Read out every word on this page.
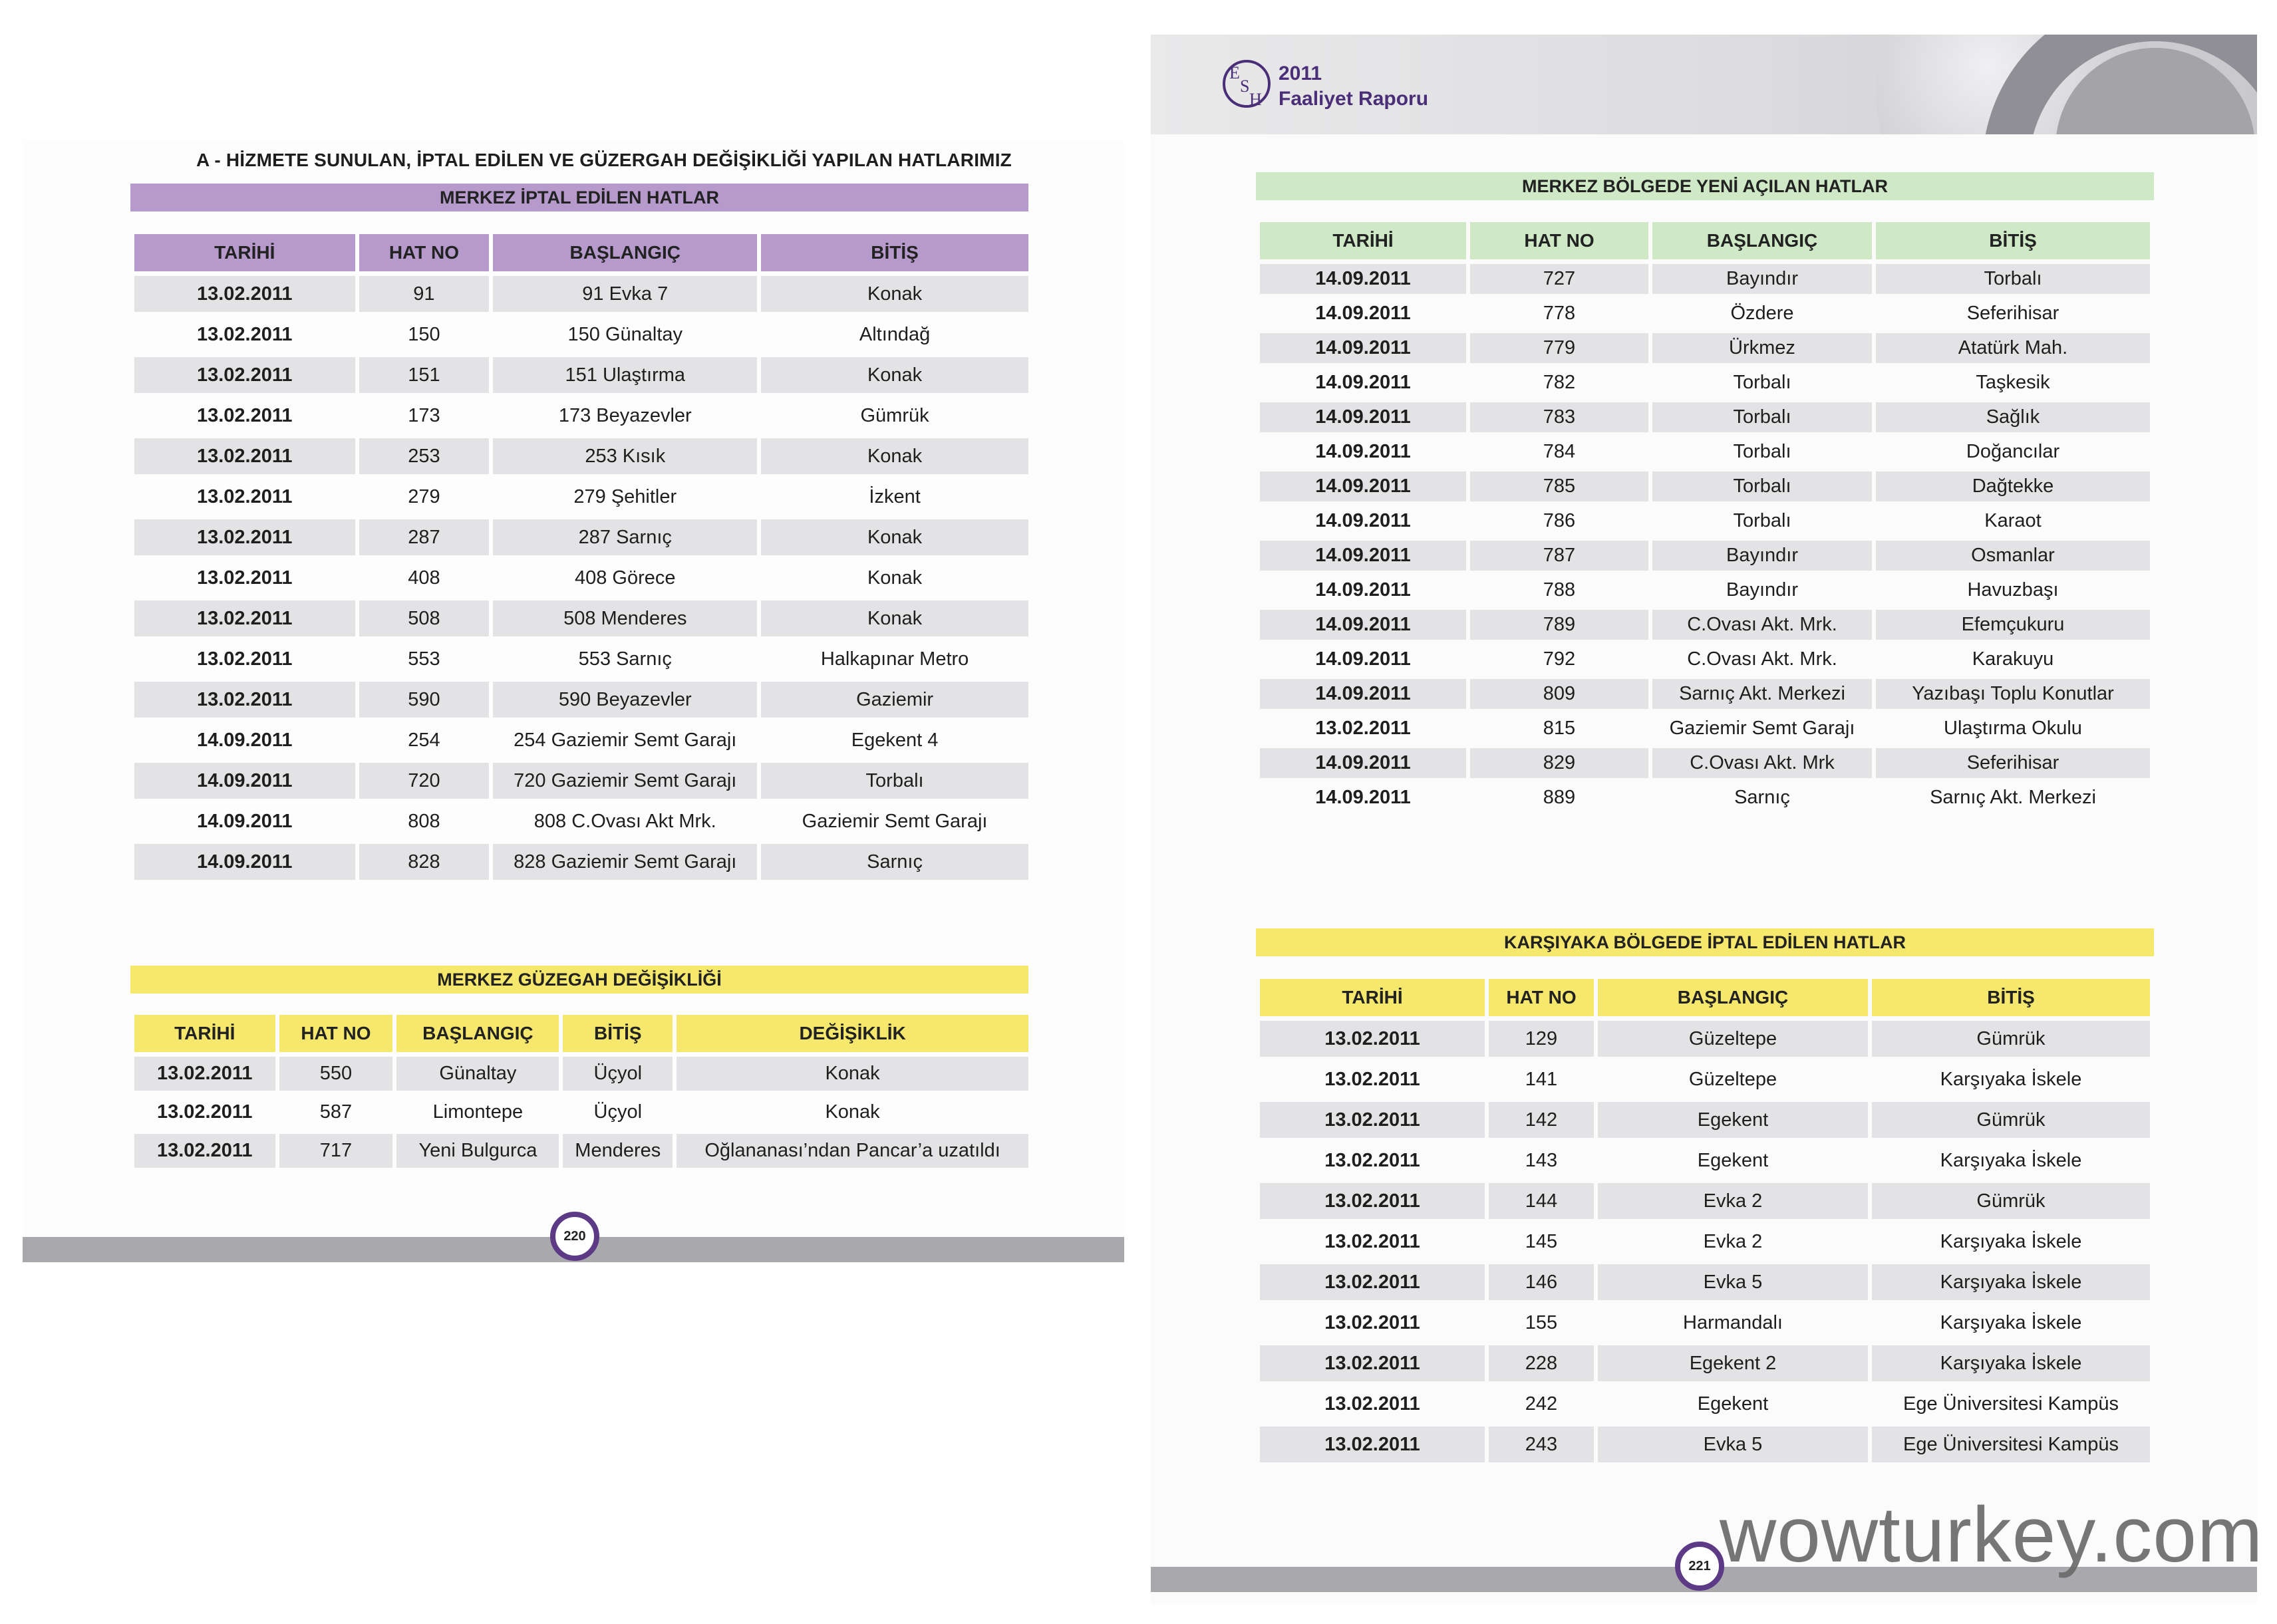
A - HİZMETE SUNULAN, İPTAL EDİLEN VE GÜZERGAH DEĞİŞİKLİĞİ YAPILAN HATLARIMIZ
MERKEZ İPTAL EDİLEN HATLAR
TARİHİ	HAT NO	BAŞLANGIÇ	BİTİŞ
13.02.2011	91	91 Evka 7	Konak
13.02.2011	150	150 Günaltay	Altındağ
13.02.2011	151	151 Ulaştırma	Konak
13.02.2011	173	173 Beyazevler	Gümrük
13.02.2011	253	253 Kısık	Konak
13.02.2011	279	279 Şehitler	İzkent
13.02.2011	287	287 Sarnıç	Konak
13.02.2011	408	408 Görece	Konak
13.02.2011	508	508 Menderes	Konak
13.02.2011	553	553 Sarnıç	Halkapınar Metro
13.02.2011	590	590 Beyazevler	Gaziemir
14.09.2011	254	254 Gaziemir Semt Garajı	Egekent 4
14.09.2011	720	720 Gaziemir Semt Garajı	Torbalı
14.09.2011	808	808 C.Ovası Akt Mrk.	Gaziemir Semt Garajı
14.09.2011	828	828 Gaziemir Semt Garajı	Sarnıç
MERKEZ GÜZEGAH DEĞİŞİKLİĞİ
TARİHİ	HAT NO	BAŞLANGIÇ	BİTİŞ	DEĞİŞİKLİK
13.02.2011	550	Günaltay	Üçyol	Konak
13.02.2011	587	Limontepe	Üçyol	Konak
13.02.2011	717	Yeni Bulgurca	Menderes	Oğlananası’ndan Pancar’a uzatıldı
220
E
S
H
2011
Faaliyet Raporu
MERKEZ BÖLGEDE YENİ AÇILAN HATLAR
TARİHİ	HAT NO	BAŞLANGIÇ	BİTİŞ
14.09.2011	727	Bayındır	Torbalı
14.09.2011	778	Özdere	Seferihisar
14.09.2011	779	Ürkmez	Atatürk Mah.
14.09.2011	782	Torbalı	Taşkesik
14.09.2011	783	Torbalı	Sağlık
14.09.2011	784	Torbalı	Doğancılar
14.09.2011	785	Torbalı	Dağtekke
14.09.2011	786	Torbalı	Karaot
14.09.2011	787	Bayındır	Osmanlar
14.09.2011	788	Bayındır	Havuzbaşı
14.09.2011	789	C.Ovası Akt. Mrk.	Efemçukuru
14.09.2011	792	C.Ovası Akt. Mrk.	Karakuyu
14.09.2011	809	Sarnıç Akt. Merkezi	Yazıbaşı Toplu Konutlar
13.02.2011	815	Gaziemir Semt Garajı	Ulaştırma Okulu
14.09.2011	829	C.Ovası Akt. Mrk	Seferihisar
14.09.2011	889	Sarnıç	Sarnıç Akt. Merkezi
KARŞIYAKA BÖLGEDE İPTAL EDİLEN HATLAR
TARİHİ	HAT NO	BAŞLANGIÇ	BİTİŞ
13.02.2011	129	Güzeltepe	Gümrük
13.02.2011	141	Güzeltepe	Karşıyaka İskele
13.02.2011	142	Egekent	Gümrük
13.02.2011	143	Egekent	Karşıyaka İskele
13.02.2011	144	Evka 2	Gümrük
13.02.2011	145	Evka 2	Karşıyaka İskele
13.02.2011	146	Evka 5	Karşıyaka İskele
13.02.2011	155	Harmandalı	Karşıyaka İskele
13.02.2011	228	Egekent 2	Karşıyaka İskele
13.02.2011	242	Egekent	Ege Üniversitesi Kampüs
13.02.2011	243	Evka 5	Ege Üniversitesi Kampüs
221 wowturkey.com
